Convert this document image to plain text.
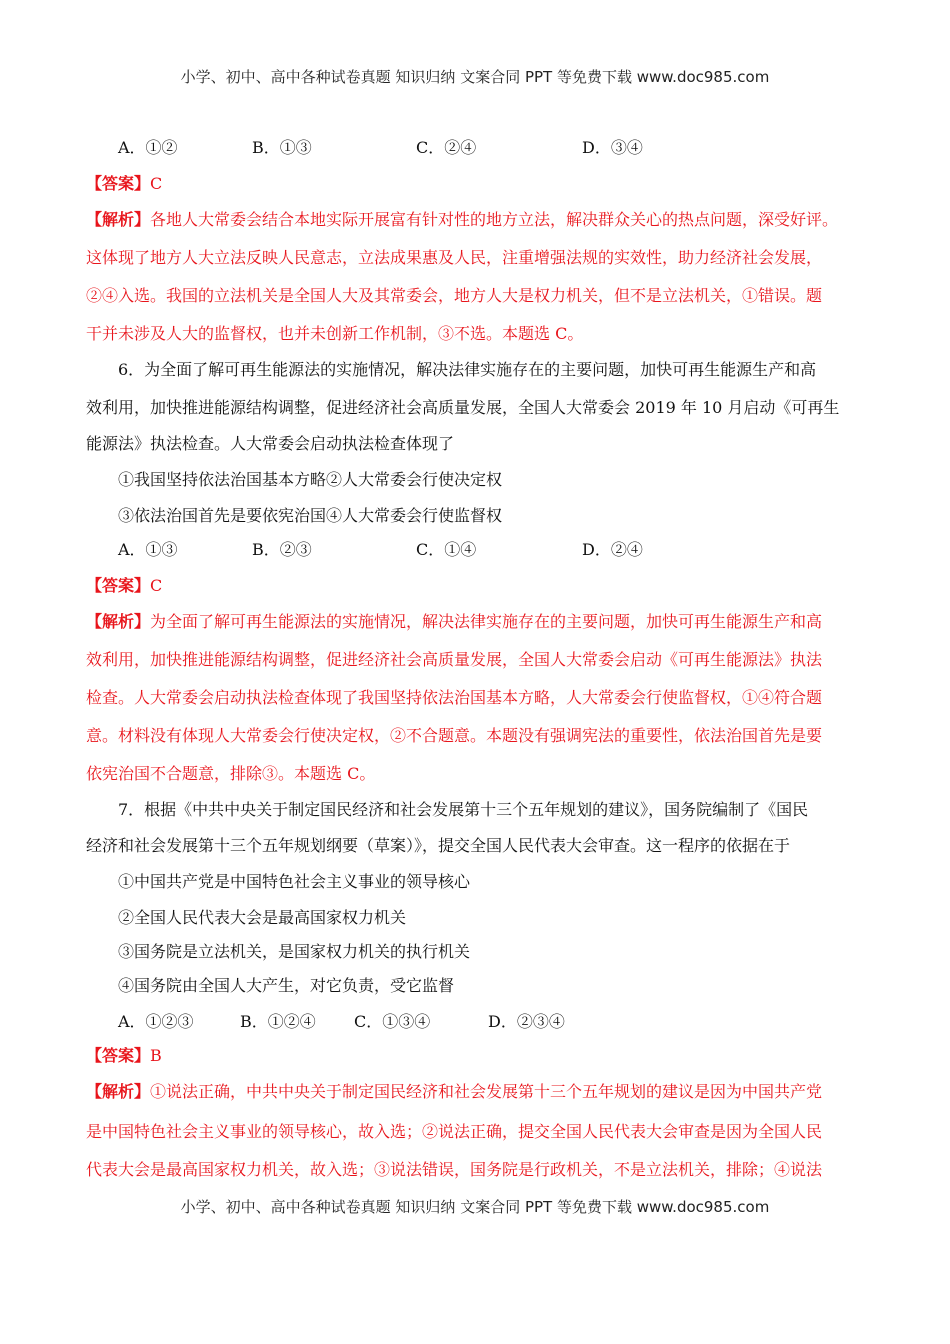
小学、初中、高中各种试卷真题 知识归纳 文案合同 PPT 等免费下载 www.doc985.com
A．①②	B．①③	C．②④	D．③④
【答案】C
【解析】各地人大常委会结合本地实际开展富有针对性的地方立法，解决群众关心的热点问题，深受好评。
这体现了地方人大立法反映人民意志，立法成果惠及人民，注重增强法规的实效性，助力经济社会发展，
②④入选。我国的立法机关是全国人大及其常委会，地方人大是权力机关，但不是立法机关，①错误。题
干并未涉及人大的监督权，也并未创新工作机制，③不选。本题选 C。
6．为全面了解可再生能源法的实施情况，解决法律实施存在的主要问题，加快可再生能源生产和高
效利用，加快推进能源结构调整，促进经济社会高质量发展，全国人大常委会 2019 年 10 月启动《可再生
能源法》执法检查。人大常委会启动执法检查体现了
①我国坚持依法治国基本方略②人大常委会行使决定权
③依法治国首先是要依宪治国④人大常委会行使监督权
A．①③	B．②③	C．①④	D．②④
【答案】C
【解析】为全面了解可再生能源法的实施情况，解决法律实施存在的主要问题，加快可再生能源生产和高
效利用，加快推进能源结构调整，促进经济社会高质量发展，全国人大常委会启动《可再生能源法》执法
检查。人大常委会启动执法检查体现了我国坚持依法治国基本方略，人大常委会行使监督权，①④符合题
意。材料没有体现人大常委会行使决定权，②不合题意。本题没有强调宪法的重要性，依法治国首先是要
依宪治国不合题意，排除③。本题选 C。
7．根据《中共中央关于制定国民经济和社会发展第十三个五年规划的建议》，国务院编制了《国民
经济和社会发展第十三个五年规划纲要（草案）》，提交全国人民代表大会审查。这一程序的依据在于
①中国共产党是中国特色社会主义事业的领导核心
②全国人民代表大会是最高国家权力机关
③国务院是立法机关，是国家权力机关的执行机关
④国务院由全国人大产生，对它负责，受它监督
A．①②③	B．①②④ C．①③④	D．②③④
【答案】B
【解析】①说法正确，中共中央关于制定国民经济和社会发展第十三个五年规划的建议是因为中国共产党
是中国特色社会主义事业的领导核心，故入选；②说法正确，提交全国人民代表大会审查是因为全国人民
代表大会是最高国家权力机关，故入选；③说法错误，国务院是行政机关，不是立法机关，排除；④说法
小学、初中、高中各种试卷真题 知识归纳 文案合同 PPT 等免费下载 www.doc985.com
